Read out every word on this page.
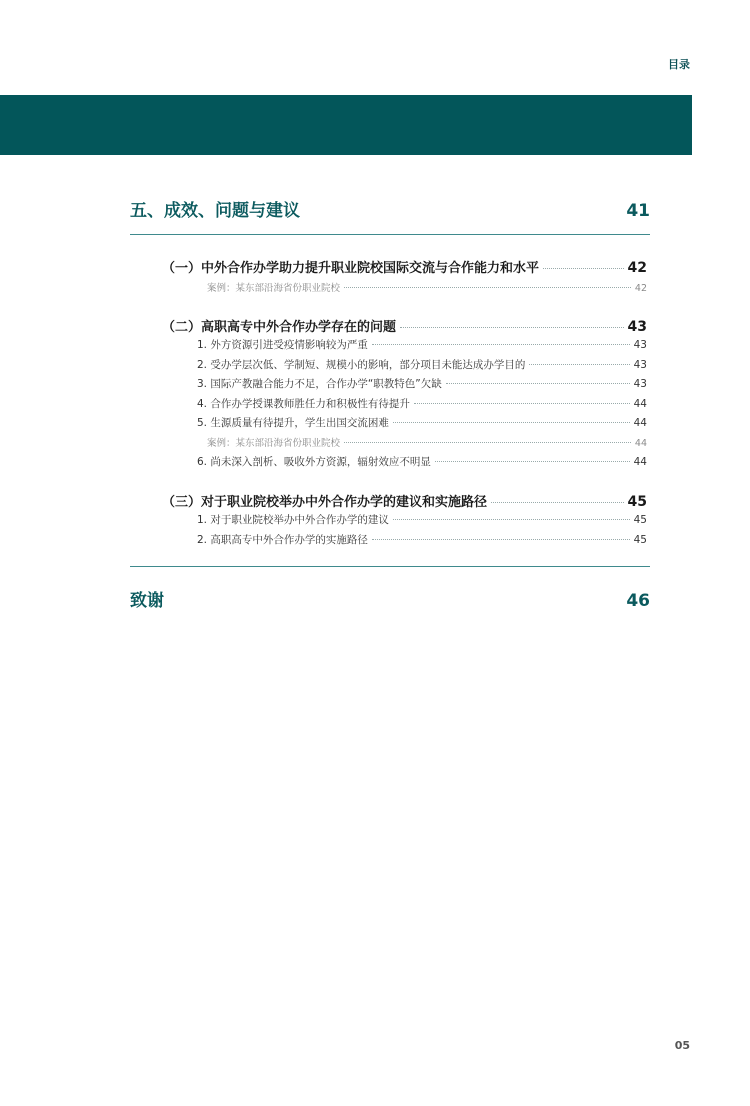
目录
五、成效、问题与建议	41
（一）中外合作办学助力提升职业院校国际交流与合作能力和水平	42
案例：某东部沿海省份职业院校	42
（二）高职高专中外合作办学存在的问题	43
1. 外方资源引进受疫情影响较为严重	43
2. 受办学层次低、学制短、规模小的影响，部分项目未能达成办学目的	43
3. 国际产教融合能力不足，合作办学“职教特色”欠缺	43
4. 合作办学授课教师胜任力和积极性有待提升	44
5. 生源质量有待提升，学生出国交流困难	44
案例：某东部沿海省份职业院校	44
6. 尚未深入剖析、吸收外方资源，辐射效应不明显	44
（三）对于职业院校举办中外合作办学的建议和实施路径	45
1. 对于职业院校举办中外合作办学的建议	45
2. 高职高专中外合作办学的实施路径	45
致谢	46
05
